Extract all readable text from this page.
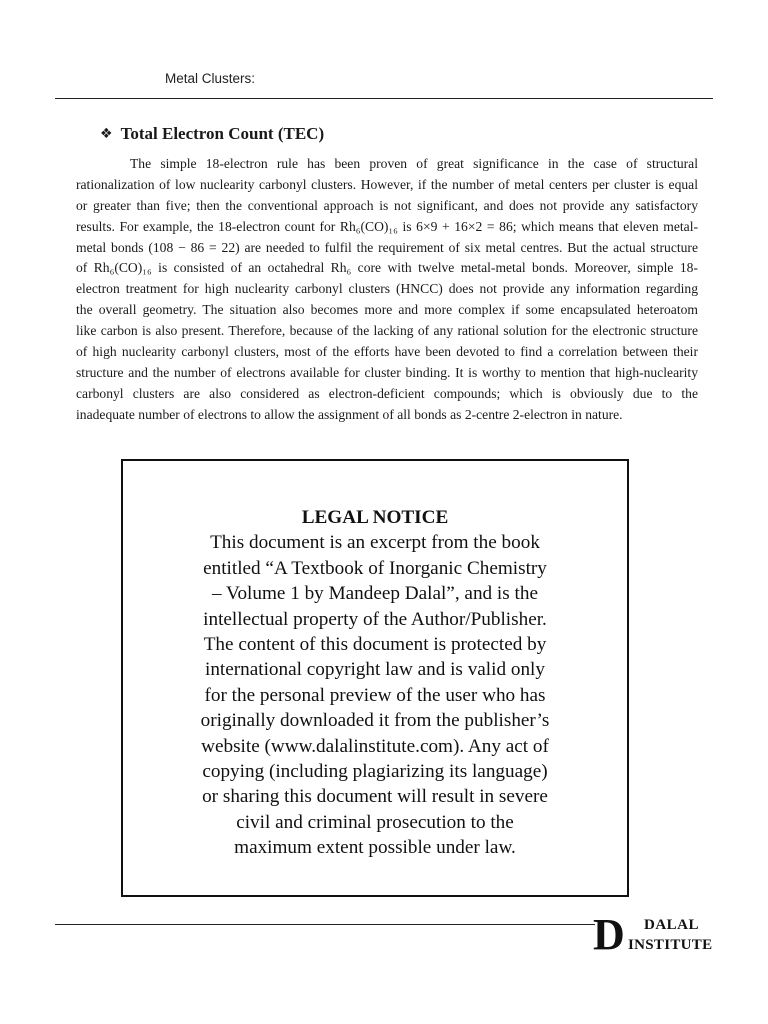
Metal Clusters:
❖ Total Electron Count (TEC)
The simple 18-electron rule has been proven of great significance in the case of structural
rationalization of low nuclearity carbonyl clusters. However, if the number of metal centers per cluster is equal
or greater than five; then the conventional approach is not significant, and does not provide any satisfactory
results. For example, the 18-electron count for Rh₆(CO)₁₆ is 6×9 + 16×2 = 86; which means that eleven metal-
metal bonds (108 − 86 = 22) are needed to fulfil the requirement of six metal centres. But the actual structure
of Rh₆(CO)₁₆ is consisted of an octahedral Rh₆ core with twelve metal-metal bonds. Moreover, simple 18-
electron treatment for high nuclearity carbonyl clusters (HNCC) does not provide any information regarding
the overall geometry. The situation also becomes more and more complex if some encapsulated heteroatom
like carbon is also present. Therefore, because of the lacking of any rational solution for the electronic structure
of high nuclearity carbonyl clusters, most of the efforts have been devoted to find a correlation between their
structure and the number of electrons available for cluster binding. It is worthy to mention that high-nuclearity
carbonyl clusters are also considered as electron-deficient compounds; which is obviously due to the
inadequate number of electrons to allow the assignment of all bonds as 2-centre 2-electron in nature.
LEGAL NOTICE
This document is an excerpt from the book
entitled “A Textbook of Inorganic Chemistry
– Volume 1 by Mandeep Dalal”, and is the
intellectual property of the Author/Publisher.
The content of this document is protected by
international copyright law and is valid only
for the personal preview of the user who has
originally downloaded it from the publisher’s
website (www.dalalinstitute.com). Any act of
copying (including plagiarizing its language)
or sharing this document will result in severe
civil and criminal prosecution to the
maximum extent possible under law.
D DALAL
INSTITUTE
